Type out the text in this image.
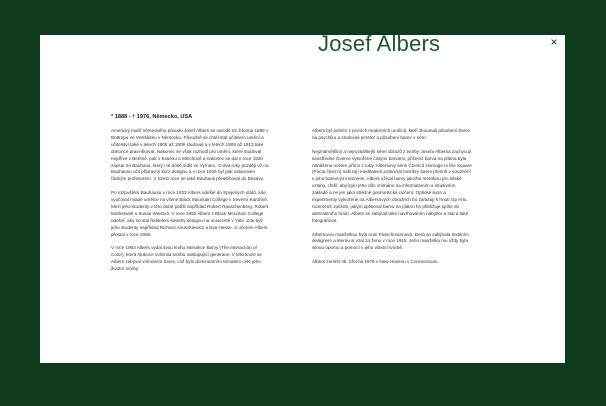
Josef Albers	×
* 1888 - † 1976, Německo, USA

Americký malíř německého původu Josef Albers se narodil 19. března 1888 v Bottropu ve Vestfálsku v Německu. Původně se chtěl stát učitelem umění a učitelství také v letech 1905 až 1905 studoval a v letech 1908 až 1913 také dokonce praxi-škoval. Nakonec se však rozhodl pro umění, které studoval nejdříve v Berlíně, pak v Essenu a Mnichově a nakonec se dal v roce 1920 zapsat na Bauhaus, který i té době sídlil ve Výmaru. O dva roky později už na Bauhausu učil přípravný kurz designu a v roce 1925 byl pak ustanoven řádným profesorem. V tomto roce se také Bauhaus přestěhoval do Desavy.

Po rozpuštění Bauhausu v roce 1933 Albers odešel do Spojených států, kde vyučoval miadé umělce na vlivné Black Mountain College v Severní Karolíně. Mezi jeho studenty v této době patřili například Robert Rauschenberg, Robert Motherwell a Susan Weilová. V roce 1950 Albers z Black Mountain College odešel, aby se stal ředitelem katedry designu na univerzitě v Yale. Zde byli jeho studenty například Richard Anuszkiewicz a Eva Hesse. S učením Albers přestal v roce 1958.

V roce 1963 Albers vydal svou knihu Interakce Barvy (The Interaction of Color), která hluboce ovlivnila tvorbu nastupující generace. V této knize se Albers zabýval vnímáním barev, což bylo dominantním tématem celé jeho životní tvorby.

Albers byl jedním z prvních moderních umělců, kteří zkoumali působení barev na psychiku a studovali prostor a působení barev v něm.

Nejznámějšími a nejrozsáhlejší sérei obrazů z tvorby Josefa Albersa zachycují soustředné čtverce vytvořené čistými barvami, přičemž barva na plátna byla nanášena nožem přímo z tuby. Albersovy série Čtverců Homage to the Square (Pocta čtverci) nabízejí meditativní potenciál mezihry barev přesně v souznění s jeho barevnými teoriemi. Albers užíval barvy jakožto metaforu pro lidské vztahy, chtěl, aby bylo jeho dílo vnímáno na informativním a intuitivním základě a ne jen jako striktně geometrická cvičení. Optické iluze a experimenty vytvořené na Albersových obrazech ho zařazují k hnutí Op Artu, niceméně způsob, jakým aplikoval barvu na plátno ho přibližuje spíše do abstraktního hnutí. Albers se zabýval také navrhováním nábytku a stal a také fotografovat.

Albertovou manželkou byla Anni Fleischmannová, která se zabývala textilním designem a kterou si vzal za ženu v roce 1915. Jeho manželka mu vždy byla silnou oporou a pomocí v jeho vlastní tvorbě.

Albers zemřel 25. března 1976 v New Havenu v Connecticutu.
